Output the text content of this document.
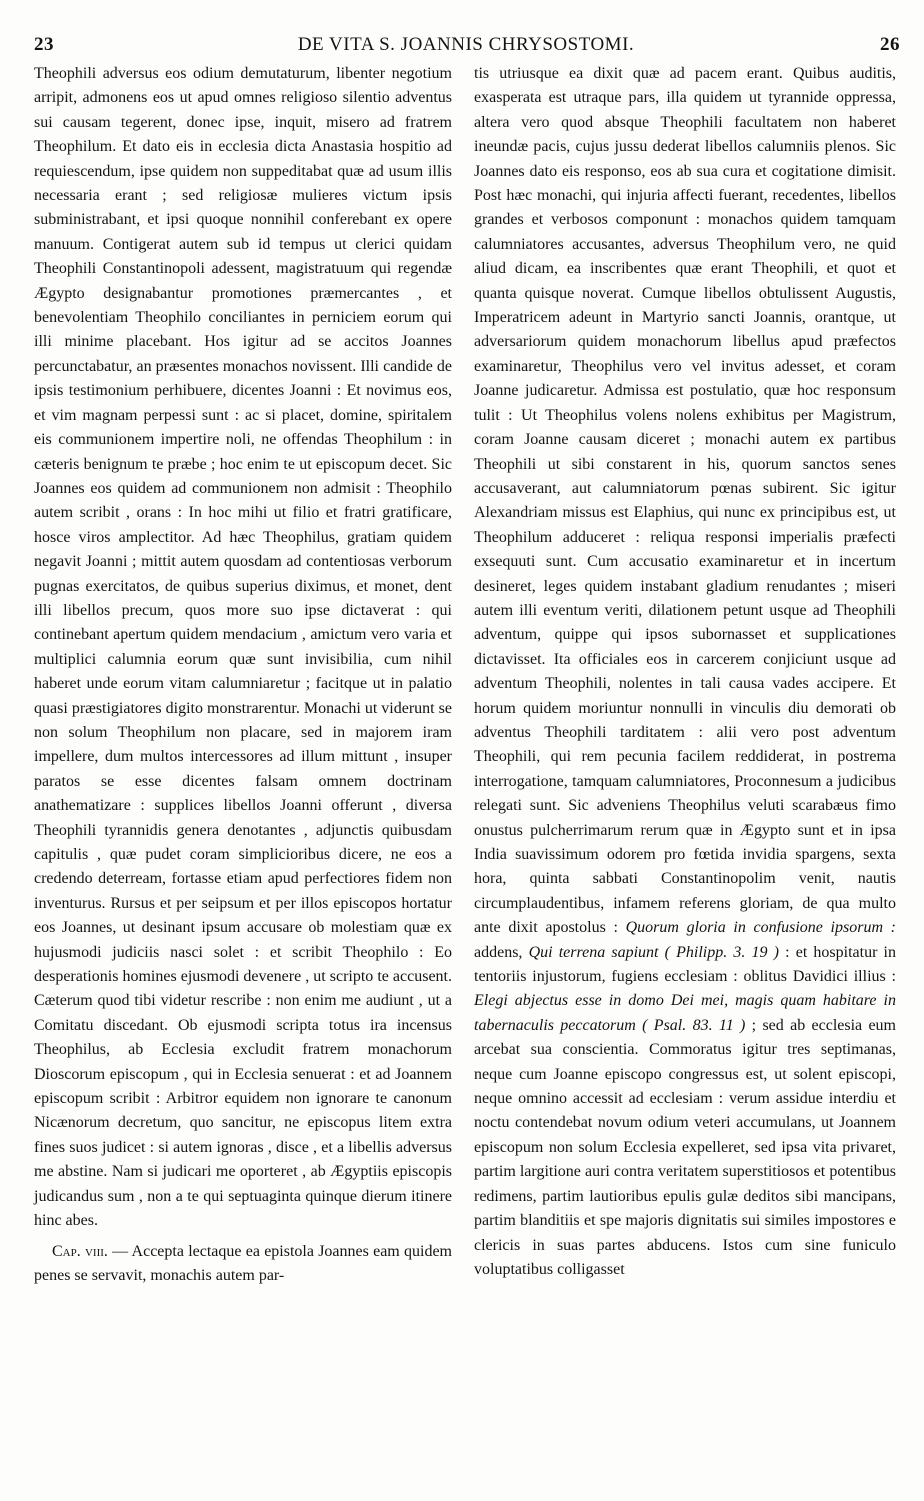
23	DE VITA S. JOANNIS CHRYSOSTOMI.	26

Theophili adversus eos odium demutaturum, libenter negotium arripit, admonens eos ut apud omnes religioso silentio adventus sui causam tegerent, donec ipse, inquit, misero ad fratrem Theophilum. Et dato eis in ecclesia dicta Anastasia hospitio ad requiescendum, ipse quidem non suppeditabat quæ ad usum illis necessaria erant ; sed religiosæ mulieres victum ipsis subministrabant, et ipsi quoque nonnihil conferebant ex opere manuum. Contigerat autem sub id tempus ut clerici quidam Theophili Constantinopoli adessent, magistratuum qui regendæ Ægypto designabantur promotiones præmercantes , et benevolentiam Theophilo conciliantes in perniciem eorum qui illi minime placebant. Hos igitur ad se accitos Joannes percunctabatur, an præsentes monachos novissent. Illi candide de ipsis testimonium perhibuere, dicentes Joanni : Et novimus eos, et vim magnam perpessi sunt : ac si placet, domine, spiritalem eis communionem impertire noli, ne offendas Theophilum : in cæteris benignum te præbe ; hoc enim te ut episcopum decet. Sic Joannes eos quidem ad communionem non admisit : Theophilo autem scribit , orans : In hoc mihi ut filio et fratri gratificare, hosce viros amplectitor. Ad hæc Theophilus, gratiam quidem negavit Joanni ; mittit autem quosdam ad contentiosas verborum pugnas exercitatos, de quibus superius diximus, et monet, dent illi libellos precum, quos more suo ipse dictaverat : qui continebant apertum quidem mendacium , amictum vero varia et multiplici calumnia eorum quæ sunt invisibilia, cum nihil haberet unde eorum vitam calumniaretur ; facitque ut in palatio quasi præstigiatores digito monstrarentur. Monachi ut viderunt se non solum Theophilum non placare, sed in majorem iram impellere, dum multos intercessores ad illum mittunt , insuper paratos se esse dicentes falsam omnem doctrinam anathematizare : supplices libellos Joanni offerunt , diversa Theophili tyrannidis genera denotantes , adjunctis quibusdam capitulis , quæ pudet coram simplicioribus dicere, ne eos a credendo deterream, fortasse etiam apud perfectiores fidem non inventurus. Rursus et per seipsum et per illos episcopos hortatur eos Joannes, ut desinant ipsum accusare ob molestiam quæ ex hujusmodi judiciis nasci solet : et scribit Theophilo : Eo desperationis homines ejusmodi devenere , ut scripto te accusent. Cæterum quod tibi videtur rescribe : non enim me audiunt , ut a Comitatu discedant. Ob ejusmodi scripta totus ira incensus Theophilus, ab Ecclesia excludit fratrem monachorum Dioscorum episcopum , qui in Ecclesia senuerat : et ad Joannem episcopum scribit : Arbitror equidem non ignorare te canonum Nicænorum decretum, quo sancitur, ne episcopus litem extra fines suos judicet : si autem ignoras , disce , et a libellis adversus me abstine. Nam si judicari me oporteret , ab Ægyptiis episcopis judicandus sum , non a te qui septuaginta quinque dierum itinere hinc abes.

Cap. viii. — Accepta lectaque ea epistola Joannes eam quidem penes se servavit, monachis autem par-

tis utriusque ea dixit quæ ad pacem erant. Quibus auditis, exasperata est utraque pars, illa quidem ut tyrannide oppressa, altera vero quod absque Theophili facultatem non haberet ineundæ pacis, cujus jussu dederat libellos calumniis plenos. Sic Joannes dato eis responso, eos ab sua cura et cogitatione dimisit. Post hæc monachi, qui injuria affecti fuerant, recedentes, libellos grandes et verbosos componunt : monachos quidem tamquam calumniatores accusantes, adversus Theophilum vero, ne quid aliud dicam, ea inscribentes quæ erant Theophili, et quot et quanta quisque noverat. Cumque libellos obtulissent Augustis, Imperatricem adeunt in Martyrio sancti Joannis, orantque, ut adversariorum quidem monachorum libellus apud præfectos examinaretur, Theophilus vero vel invitus adesset, et coram Joanne judicaretur. Admissa est postulatio, quæ hoc responsum tulit : Ut Theophilus volens nolens exhibitus per Magistrum, coram Joanne causam diceret ; monachi autem ex partibus Theophili ut sibi constarent in his, quorum sanctos senes accusaverant, aut calumniatorum pœnas subirent. Sic igitur Alexandriam missus est Elaphius, qui nunc ex principibus est, ut Theophilum adduceret : reliqua responsi imperialis præfecti exsequuti sunt. Cum accusatio examinaretur et in incertum desineret, leges quidem instabant gladium renudantes ; miseri autem illi eventum veriti, dilationem petunt usque ad Theophili adventum, quippe qui ipsos subornasset et supplicationes dictavisset. Ita officiales eos in carcerem conjiciunt usque ad adventum Theophili, nolentes in tali causa vades accipere. Et horum quidem moriuntur nonnulli in vinculis diu demorati ob adventus Theophili tarditatem : alii vero post adventum Theophili, qui rem pecunia facilem reddiderat, in postrema interrogatione, tamquam calumniatores, Proconnesum a judicibus relegati sunt. Sic adveniens Theophilus veluti scarabæus fimo onustus pulcherrimarum rerum quæ in Ægypto sunt et in ipsa India suavissimum odorem pro fœtida invidia spargens, sexta hora, quinta sabbati Constantinopolim venit, nautis circumplaudentibus, infamem referens gloriam, de qua multo ante dixit apostolus : Quorum gloria in confusione ipsorum : addens, Qui terrena sapiunt ( Philipp. 3. 19 ) : et hospitatur in tentoriis injustorum, fugiens ecclesiam : oblitus Davidici illius : Elegi abjectus esse in domo Dei mei, magis quam habitare in tabernaculis peccatorum ( Psal. 83. 11 ) ; sed ab ecclesia eum arcebat sua conscientia. Commoratus igitur tres septimanas, neque cum Joanne episcopo congressus est, ut solent episcopi, neque omnino accessit ad ecclesiam : verum assidue interdiu et noctu contendebat novum odium veteri accumulans, ut Joannem episcopum non solum Ecclesia expelleret, sed ipsa vita privaret, partim largitione auri contra veritatem superstitiosos et potentibus redimens, partim lautioribus epulis gulæ deditos sibi mancipans, partim blanditiis et spe majoris dignitatis sui similes impostores e clericis in suas partes abducens. Istos cum sine funiculo voluptatibus colligasset
